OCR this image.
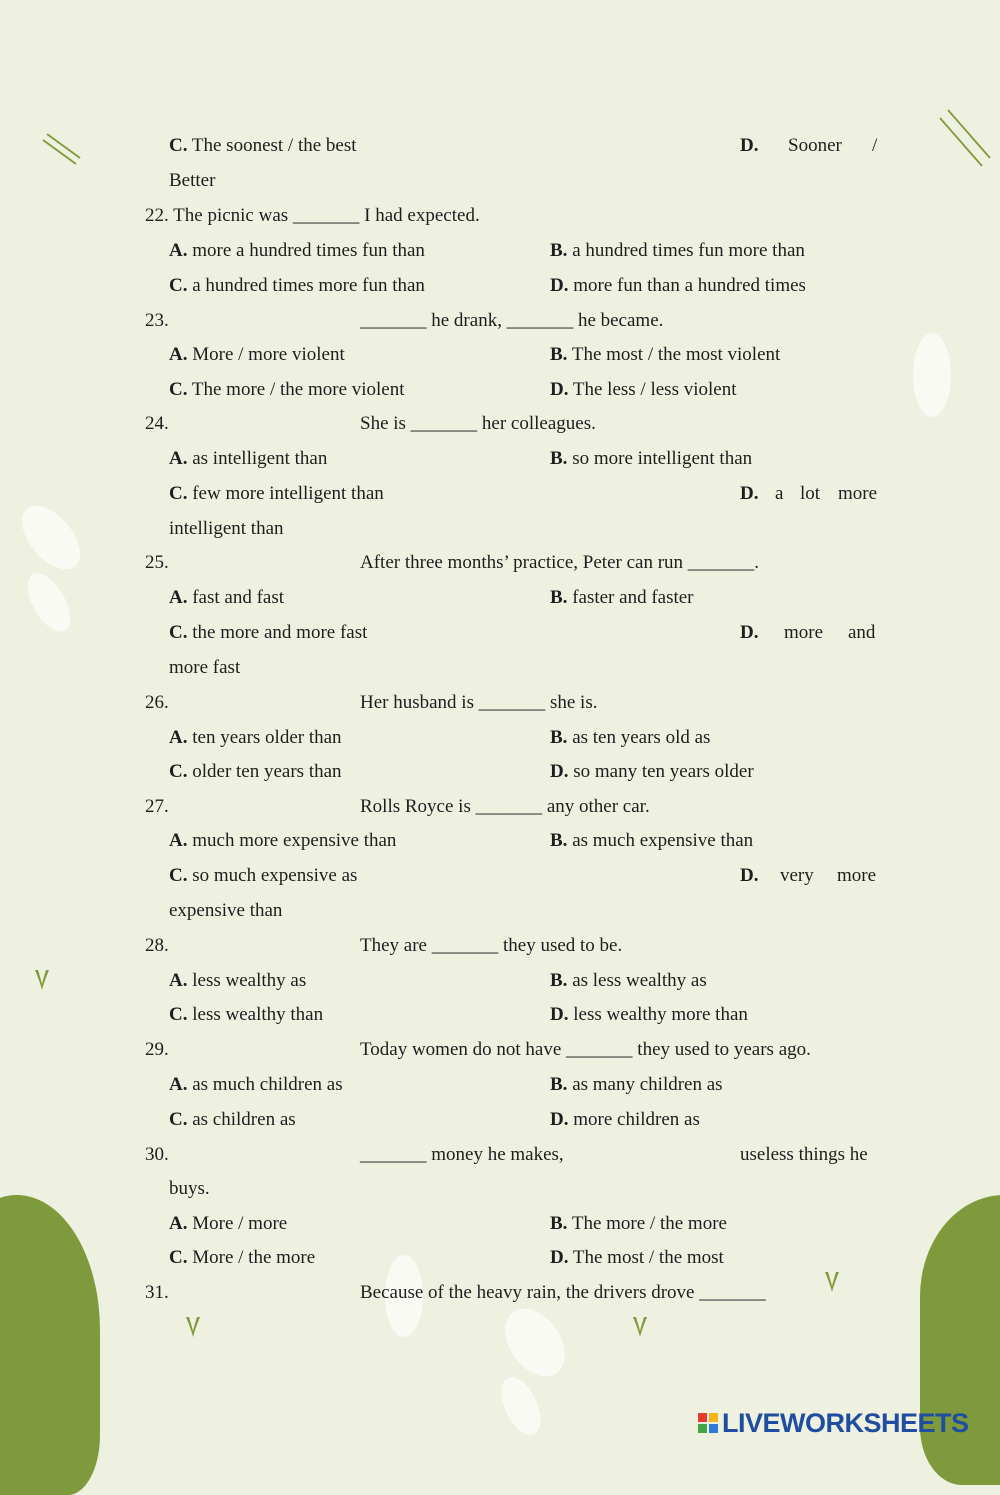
C. The soonest / the best	D. Sooner /
Better
22. The picnic was _______ I had expected.
A. more a hundred times fun than	B. a hundred times fun more than
C. a hundred times more fun than	D. more fun than a hundred times
23.	_______ he drank, _______ he became.
A. More / more violent	B. The most / the most violent
C. The more / the more violent	D. The less / less violent
24.	She is _______ her colleagues.
A. as intelligent than	B. so more intelligent than
C. few more intelligent than	D. a lot more
intelligent than
25.	After three months’ practice, Peter can run _______.
A. fast and fast	B. faster and faster
C. the more and more fast	D. more and
more fast
26.	Her husband is _______ she is.
A. ten years older than	B. as ten years old as
C. older ten years than	D. so many ten years older
27.	Rolls Royce is _______ any other car.
A. much more expensive than	B. as much expensive than
C. so much expensive as	D. very more
expensive than
28.	They are _______ they used to be.
A. less wealthy as	B. as less wealthy as
C. less wealthy than	D. less wealthy more than
29.	Today women do not have _______ they used to years ago.
A. as much children as	B. as many children as
C. as children as	D. more children as
30.	_______ money he makes,	useless things he
buys.
A. More / more	B. The more / the more
C. More / the more	D. The most / the most
31.	Because of the heavy rain, the drivers drove _______
LIVEWORKSHEETS
